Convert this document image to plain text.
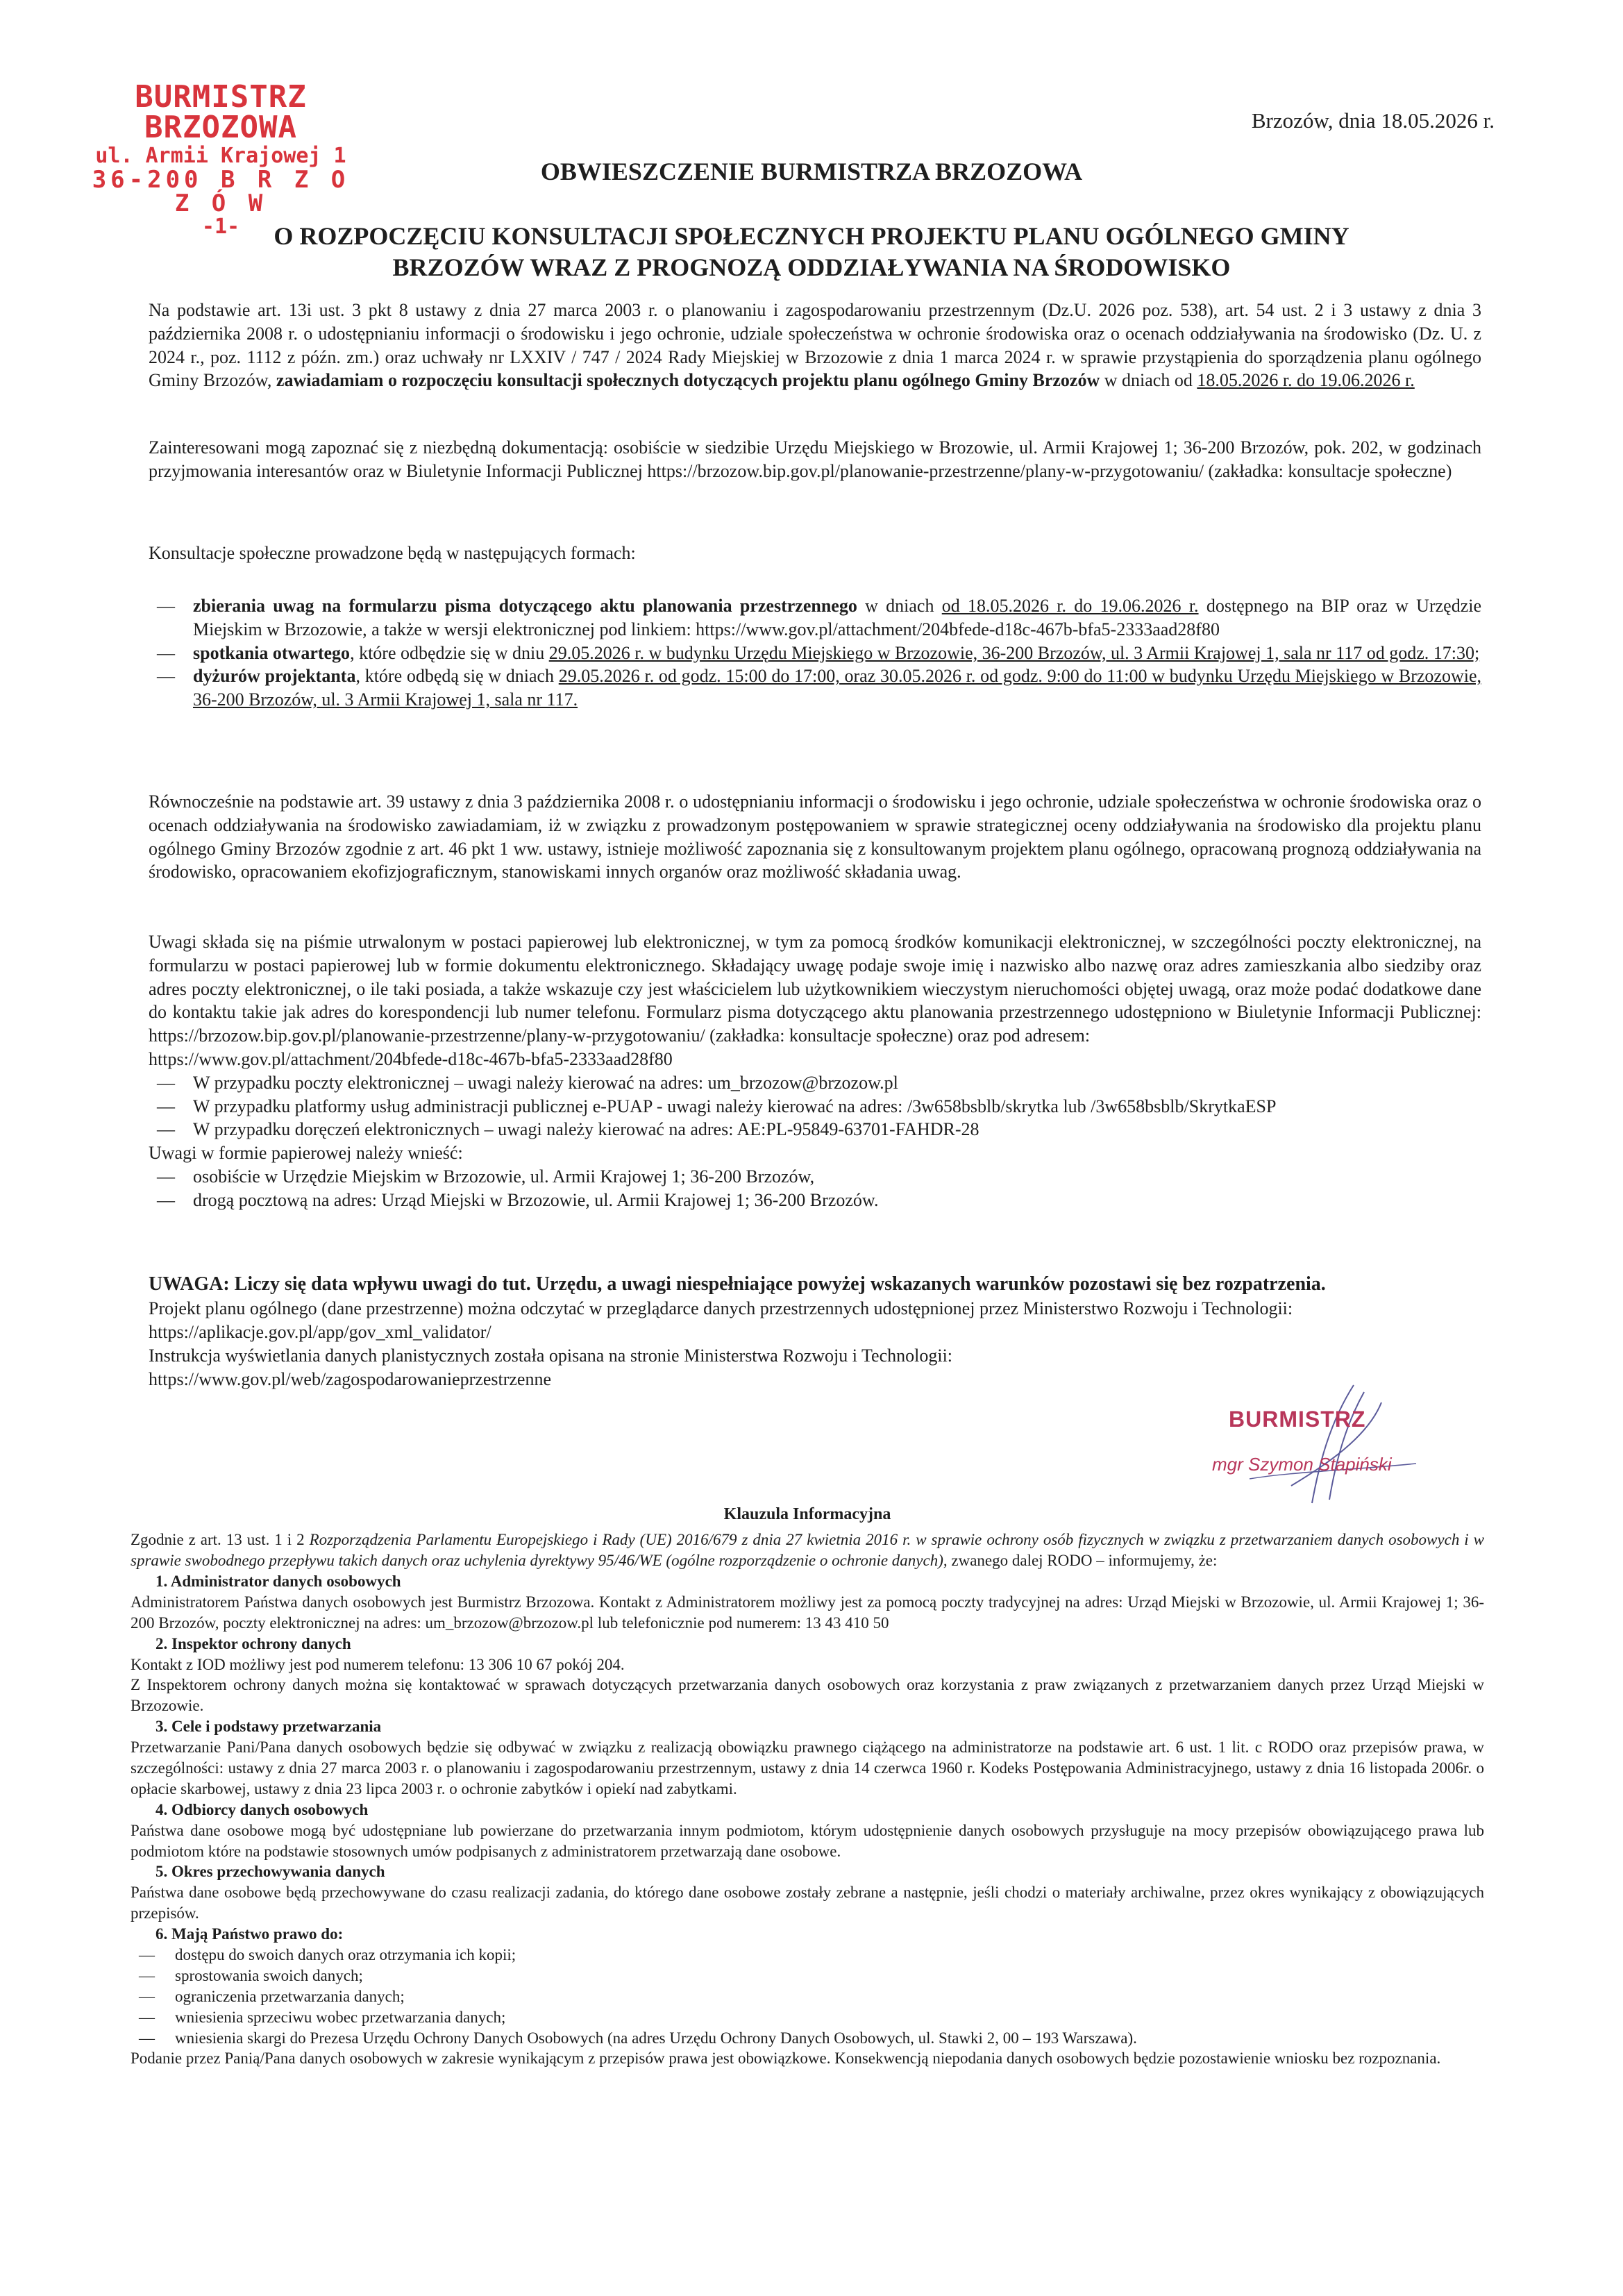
BURMISTRZ BRZOZOWA
ul. Armii Krajowej 1
36-200 B R Z O Z Ó W
-1-
Brzozów, dnia 18.05.2026 r.
OBWIESZCZENIE BURMISTRZA BRZOZOWA
O ROZPOCZĘCIU KONSULTACJI SPOŁECZNYCH PROJEKTU PLANU OGÓLNEGO GMINY BRZOZÓW WRAZ Z PROGNOZĄ ODDZIAŁYWANIA NA ŚRODOWISKO

Na podstawie art. 13i ust. 3 pkt 8 ustawy z dnia 27 marca 2003 r. o planowaniu i zagospodarowaniu przestrzennym (Dz.U. 2026 poz. 538), art. 54 ust. 2 i 3 ustawy z dnia 3 października 2008 r. o udostępnianiu informacji o środowisku i jego ochronie, udziale społeczeństwa w ochronie środowiska oraz o ocenach oddziaływania na środowisko (Dz. U. z 2024 r., poz. 1112 z późn. zm.) oraz uchwały nr LXXIV / 747 / 2024 Rady Miejskiej w Brzozowie z dnia 1 marca 2024 r. w sprawie przystąpienia do sporządzenia planu ogólnego Gminy Brzozów, zawiadamiam o rozpoczęciu konsultacji społecznych dotyczących projektu planu ogólnego Gminy Brzozów w dniach od 18.05.2026 r. do 19.06.2026 r.

Zainteresowani mogą zapoznać się z niezbędną dokumentacją: osobiście w siedzibie Urzędu Miejskiego w Brozowie, ul. Armii Krajowej 1; 36-200 Brzozów, pok. 202, w godzinach przyjmowania interesantów oraz w Biuletynie Informacji Publicznej https://brzozow.bip.gov.pl/planowanie-przestrzenne/plany-w-przygotowaniu/ (zakładka: konsultacje społeczne)

Konsultacje społeczne prowadzone będą w następujących formach:

— zbierania uwag na formularzu pisma dotyczącego aktu planowania przestrzennego w dniach od 18.05.2026 r. do 19.06.2026 r. dostępnego na BIP oraz w Urzędzie Miejskim w Brzozowie, a także w wersji elektronicznej pod linkiem: https://www.gov.pl/attachment/204bfede-d18c-467b-bfa5-2333aad28f80
— spotkania otwartego, które odbędzie się w dniu 29.05.2026 r. w budynku Urzędu Miejskiego w Brzozowie, 36-200 Brzozów, ul. 3 Armii Krajowej 1, sala nr 117 od godz. 17:30;
— dyżurów projektanta, które odbędą się w dniach 29.05.2026 r. od godz. 15:00 do 17:00, oraz 30.05.2026 r. od godz. 9:00 do 11:00 w budynku Urzędu Miejskiego w Brzozowie, 36-200 Brzozów, ul. 3 Armii Krajowej 1, sala nr 117.

Równocześnie na podstawie art. 39 ustawy z dnia 3 października 2008 r. o udostępnianiu informacji o środowisku i jego ochronie, udziale społeczeństwa w ochronie środowiska oraz o ocenach oddziaływania na środowisko zawiadamiam, iż w związku z prowadzonym postępowaniem w sprawie strategicznej oceny oddziaływania na środowisko dla projektu planu ogólnego Gminy Brzozów zgodnie z art. 46 pkt 1 ww. ustawy, istnieje możliwość zapoznania się z konsultowanym projektem planu ogólnego, opracowaną prognozą oddziaływania na środowisko, opracowaniem ekofizjograficznym, stanowiskami innych organów oraz możliwość składania uwag.

Uwagi składa się na piśmie utrwalonym w postaci papierowej lub elektronicznej, w tym za pomocą środków komunikacji elektronicznej, w szczególności poczty elektronicznej, na formularzu w postaci papierowej lub w formie dokumentu elektronicznego. Składający uwagę podaje swoje imię i nazwisko albo nazwę oraz adres zamieszkania albo siedziby oraz adres poczty elektronicznej, o ile taki posiada, a także wskazuje czy jest właścicielem lub użytkownikiem wieczystym nieruchomości objętej uwagą, oraz może podać dodatkowe dane do kontaktu takie jak adres do korespondencji lub numer telefonu. Formularz pisma dotyczącego aktu planowania przestrzennego udostępniono w Biuletynie Informacji Publicznej: https://brzozow.bip.gov.pl/planowanie-przestrzenne/plany-w-przygotowaniu/ (zakładka: konsultacje społeczne) oraz pod adresem:

https://www.gov.pl/attachment/204bfede-d18c-467b-bfa5-2333aad28f80

— W przypadku poczty elektronicznej – uwagi należy kierować na adres: um_brzozow@brzozow.pl
— W przypadku platformy usług administracji publicznej e-PUAP - uwagi należy kierować na adres: /3w658bsblb/skrytka lub /3w658bsblb/SkrytkaESP
— W przypadku doręczeń elektronicznych – uwagi należy kierować na adres: AE:PL-95849-63701-FAHDR-28

Uwagi w formie papierowej należy wnieść:

— osobiście w Urzędzie Miejskim w Brzozowie, ul. Armii Krajowej 1; 36-200 Brzozów,
— drogą pocztową na adres: Urząd Miejski w Brzozowie, ul. Armii Krajowej 1; 36-200 Brzozów.

UWAGA: Liczy się data wpływu uwagi do tut. Urzędu, a uwagi niespełniające powyżej wskazanych warunków pozostawi się bez rozpatrzenia.

Projekt planu ogólnego (dane przestrzenne) można odczytać w przeglądarce danych przestrzennych udostępnionej przez Ministerstwo Rozwoju i Technologii:

https://aplikacje.gov.pl/app/gov_xml_validator/

Instrukcja wyświetlania danych planistycznych została opisana na stronie Ministerstwa Rozwoju i Technologii:

https://www.gov.pl/web/zagospodarowanieprzestrzenne

BURMISTRZ
mgr Szymon Stapiński

Klauzula Informacyjna

Zgodnie z art. 13 ust. 1 i 2 Rozporządzenia Parlamentu Europejskiego i Rady (UE) 2016/679 z dnia 27 kwietnia 2016 r. w sprawie ochrony osób fizycznych w związku z przetwarzaniem danych osobowych i w sprawie swobodnego przepływu takich danych oraz uchylenia dyrektywy 95/46/WE (ogólne rozporządzenie o ochronie danych), zwanego dalej RODO – informujemy, że:

1. Administrator danych osobowych

Administratorem Państwa danych osobowych jest Burmistrz Brzozowa. Kontakt z Administratorem możliwy jest za pomocą poczty tradycyjnej na adres: Urząd Miejski w Brzozowie, ul. Armii Krajowej 1; 36-200 Brzozów, poczty elektronicznej na adres: um_brzozow@brzozow.pl lub telefonicznie pod numerem: 13 43 410 50

2. Inspektor ochrony danych

Kontakt z IOD możliwy jest pod numerem telefonu: 13 306 10 67 pokój 204.

Z Inspektorem ochrony danych można się kontaktować w sprawach dotyczących przetwarzania danych osobowych oraz korzystania z praw związanych z przetwarzaniem danych przez Urząd Miejski w Brzozowie.

3. Cele i podstawy przetwarzania

Przetwarzanie Pani/Pana danych osobowych będzie się odbywać w związku z realizacją obowiązku prawnego ciążącego na administratorze na podstawie art. 6 ust. 1 lit. c RODO oraz przepisów prawa, w szczególności: ustawy z dnia 27 marca 2003 r. o planowaniu i zagospodarowaniu przestrzennym, ustawy z dnia 14 czerwca 1960 r. Kodeks Postępowania Administracyjnego, ustawy z dnia 16 listopada 2006r. o opłacie skarbowej, ustawy z dnia 23 lipca 2003 r. o ochronie zabytków i opiekí nad zabytkami.

4. Odbiorcy danych osobowych

Państwa dane osobowe mogą być udostępniane lub powierzane do przetwarzania innym podmiotom, którym udostępnienie danych osobowych przysługuje na mocy przepisów obowiązującego prawa lub podmiotom które na podstawie stosownych umów podpisanych z administratorem przetwarzają dane osobowe.

5. Okres przechowywania danych

Państwa dane osobowe będą przechowywane do czasu realizacji zadania, do którego dane osobowe zostały zebrane a następnie, jeśli chodzi o materiały archiwalne, przez okres wynikający z obowiązujących przepisów.

6. Mają Państwo prawo do:

— dostępu do swoich danych oraz otrzymania ich kopii;
— sprostowania swoich danych;
— ograniczenia przetwarzania danych;
— wniesienia sprzeciwu wobec przetwarzania danych;
— wniesienia skargi do Prezesa Urzędu Ochrony Danych Osobowych (na adres Urzędu Ochrony Danych Osobowych, ul. Stawki 2, 00 – 193 Warszawa).

Podanie przez Panią/Pana danych osobowych w zakresie wynikającym z przepisów prawa jest obowiązkowe. Konsekwencją niepodania danych osobowych będzie pozostawienie wniosku bez rozpoznania.
